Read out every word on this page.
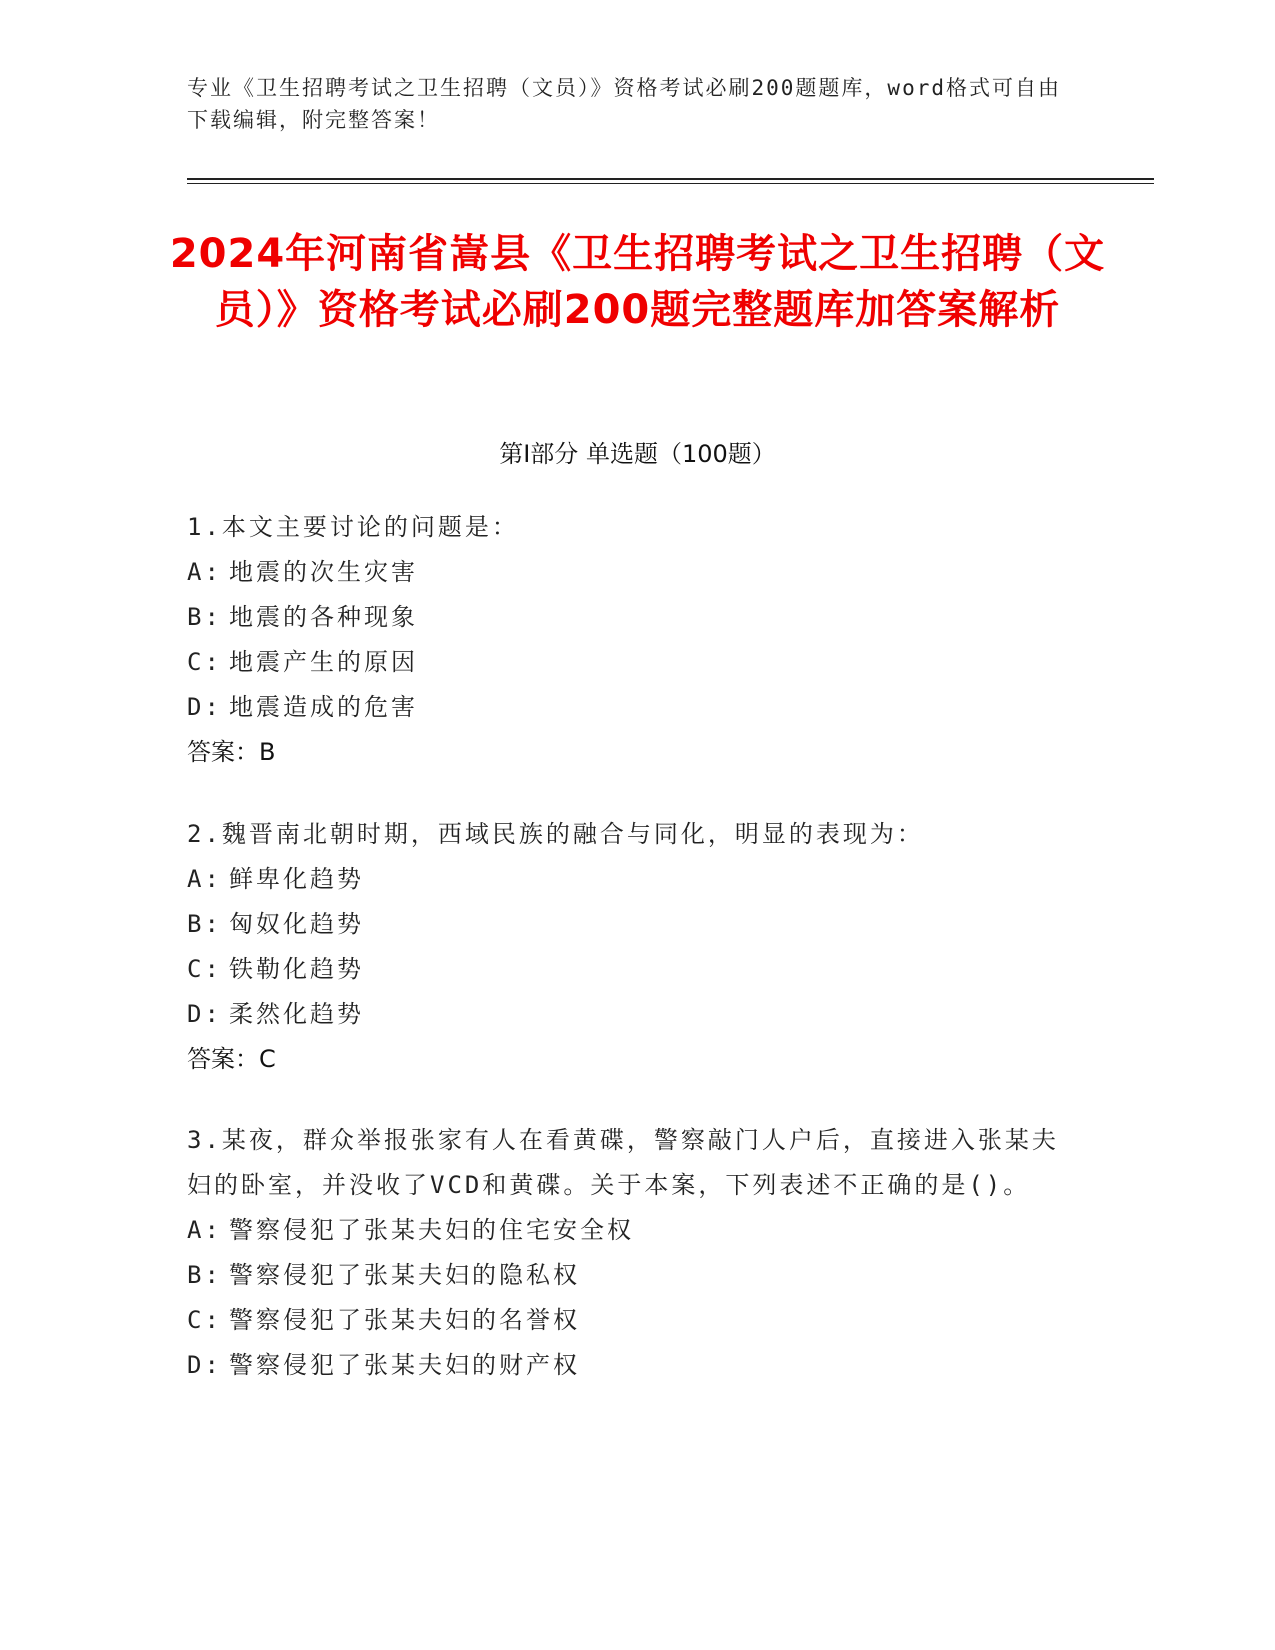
专业《卫生招聘考试之卫生招聘（文员）》资格考试必刷200题题库，word格式可自由下载编辑，附完整答案！
2024年河南省嵩县《卫生招聘考试之卫生招聘（文员）》资格考试必刷200题完整题库加答案解析
第Ⅰ部分 单选题（100题）

1.本文主要讨论的问题是：

A: 地震的次生灾害

B: 地震的各种现象

C: 地震产生的原因

D: 地震造成的危害

答案：B

2.魏晋南北朝时期，西域民族的融合与同化，明显的表现为：

A: 鲜卑化趋势

B: 匈奴化趋势

C: 铁勒化趋势

D: 柔然化趋势

答案：C

3.某夜，群众举报张家有人在看黄碟，警察敲门人户后，直接进入张某夫妇的卧室，并没收了VCD和黄碟。关于本案，下列表述不正确的是()。

A: 警察侵犯了张某夫妇的住宅安全权

B: 警察侵犯了张某夫妇的隐私权

C: 警察侵犯了张某夫妇的名誉权

D: 警察侵犯了张某夫妇的财产权
